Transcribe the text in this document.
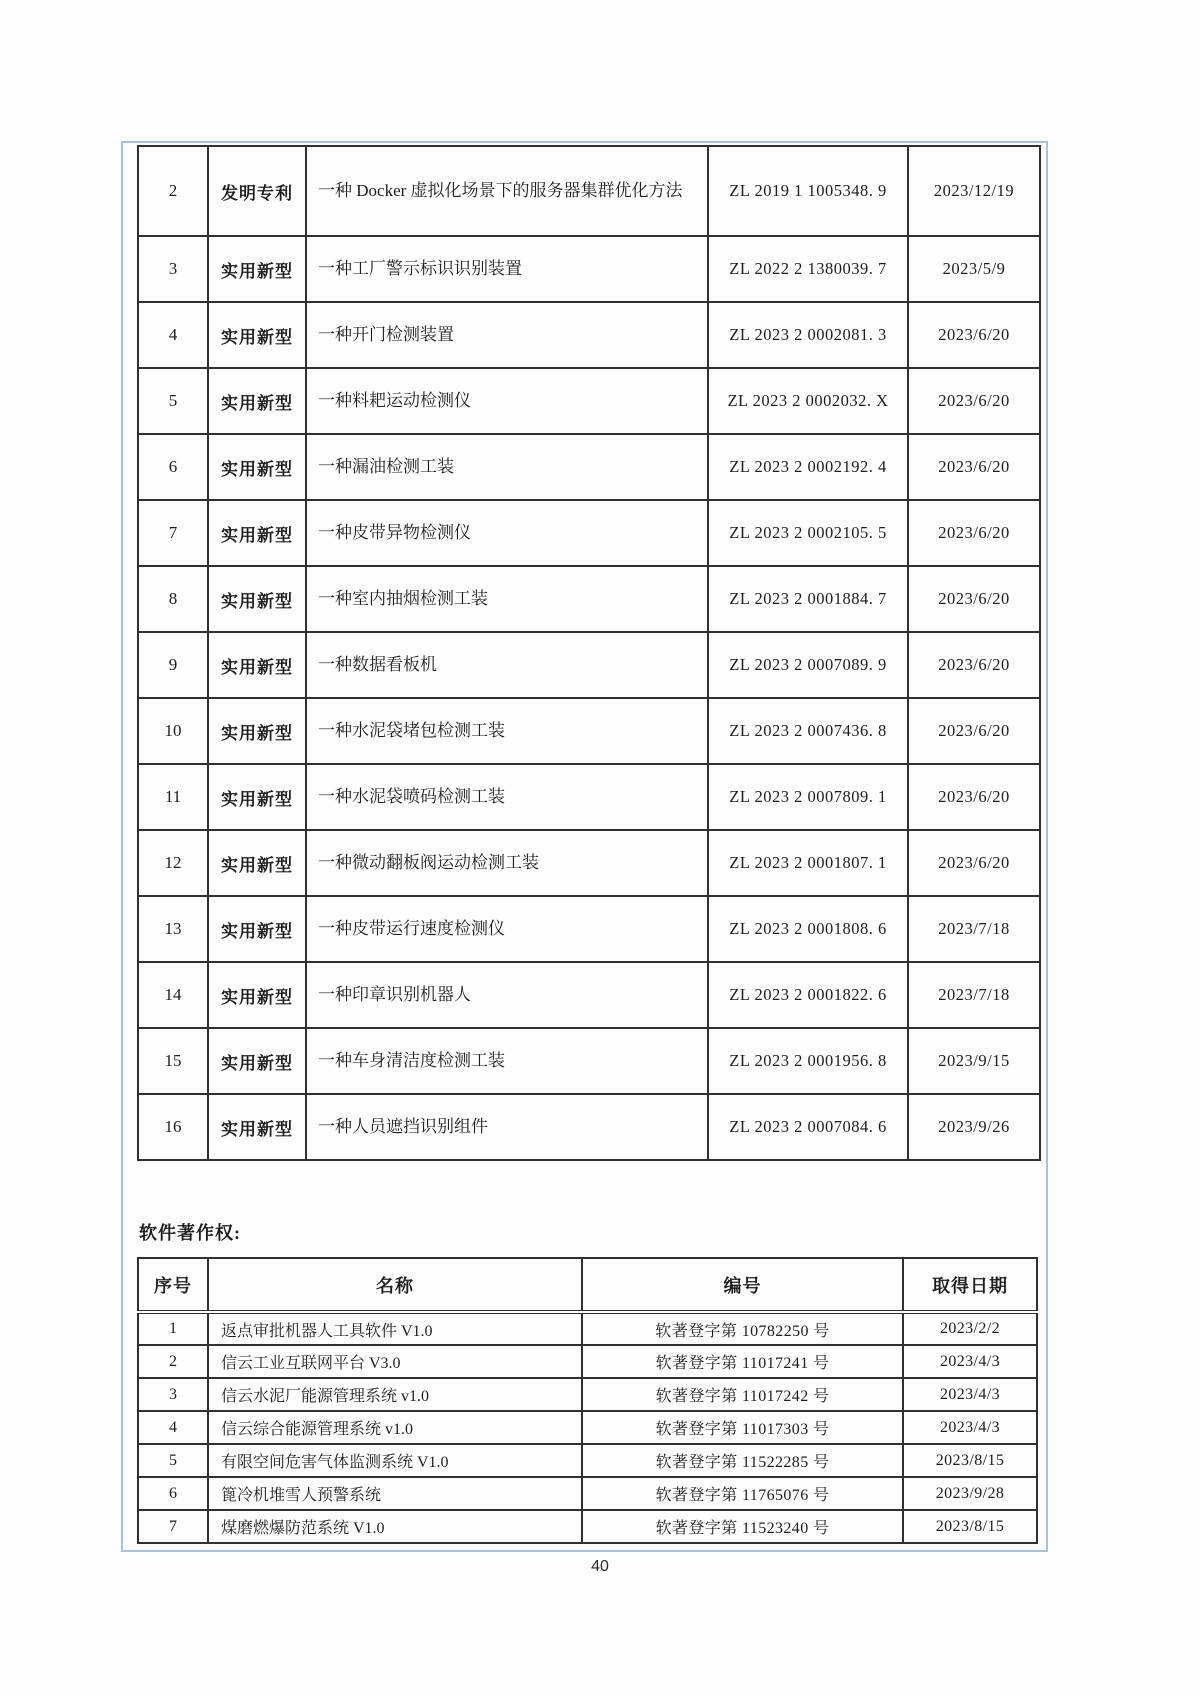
2	发明专利	一种 Docker 虚拟化场景下的服务器集群优化方法	ZL 2019 1 1005348. 9	2023/12/19
3	实用新型	一种工厂警示标识识别装置	ZL 2022 2 1380039. 7	2023/5/9
4	实用新型	一种开门检测装置	ZL 2023 2 0002081. 3	2023/6/20
5	实用新型	一种料耙运动检测仪	ZL 2023 2 0002032. X	2023/6/20
6	实用新型	一种漏油检测工装	ZL 2023 2 0002192. 4	2023/6/20
7	实用新型	一种皮带异物检测仪	ZL 2023 2 0002105. 5	2023/6/20
8	实用新型	一种室内抽烟检测工装	ZL 2023 2 0001884. 7	2023/6/20
9	实用新型	一种数据看板机	ZL 2023 2 0007089. 9	2023/6/20
10	实用新型	一种水泥袋堵包检测工装	ZL 2023 2 0007436. 8	2023/6/20
11	实用新型	一种水泥袋喷码检测工装	ZL 2023 2 0007809. 1	2023/6/20
12	实用新型	一种微动翻板阀运动检测工装	ZL 2023 2 0001807. 1	2023/6/20
13	实用新型	一种皮带运行速度检测仪	ZL 2023 2 0001808. 6	2023/7/18
14	实用新型	一种印章识别机器人	ZL 2023 2 0001822. 6	2023/7/18
15	实用新型	一种车身清洁度检测工装	ZL 2023 2 0001956. 8	2023/9/15
16	实用新型	一种人员遮挡识别组件	ZL 2023 2 0007084. 6	2023/9/26
软件著作权:
序号	名称	编号	取得日期
1	返点审批机器人工具软件 V1.0	软著登字第 10782250 号	2023/2/2
2	信云工业互联网平台 V3.0	软著登字第 11017241 号	2023/4/3
3	信云水泥厂能源管理系统 v1.0	软著登字第 11017242 号	2023/4/3
4	信云综合能源管理系统 v1.0	软著登字第 11017303 号	2023/4/3
5	有限空间危害气体监测系统 V1.0	软著登字第 11522285 号	2023/8/15
6	篦冷机堆雪人预警系统	软著登字第 11765076 号	2023/9/28
7	煤磨燃爆防范系统 V1.0	软著登字第 11523240 号	2023/8/15
40
